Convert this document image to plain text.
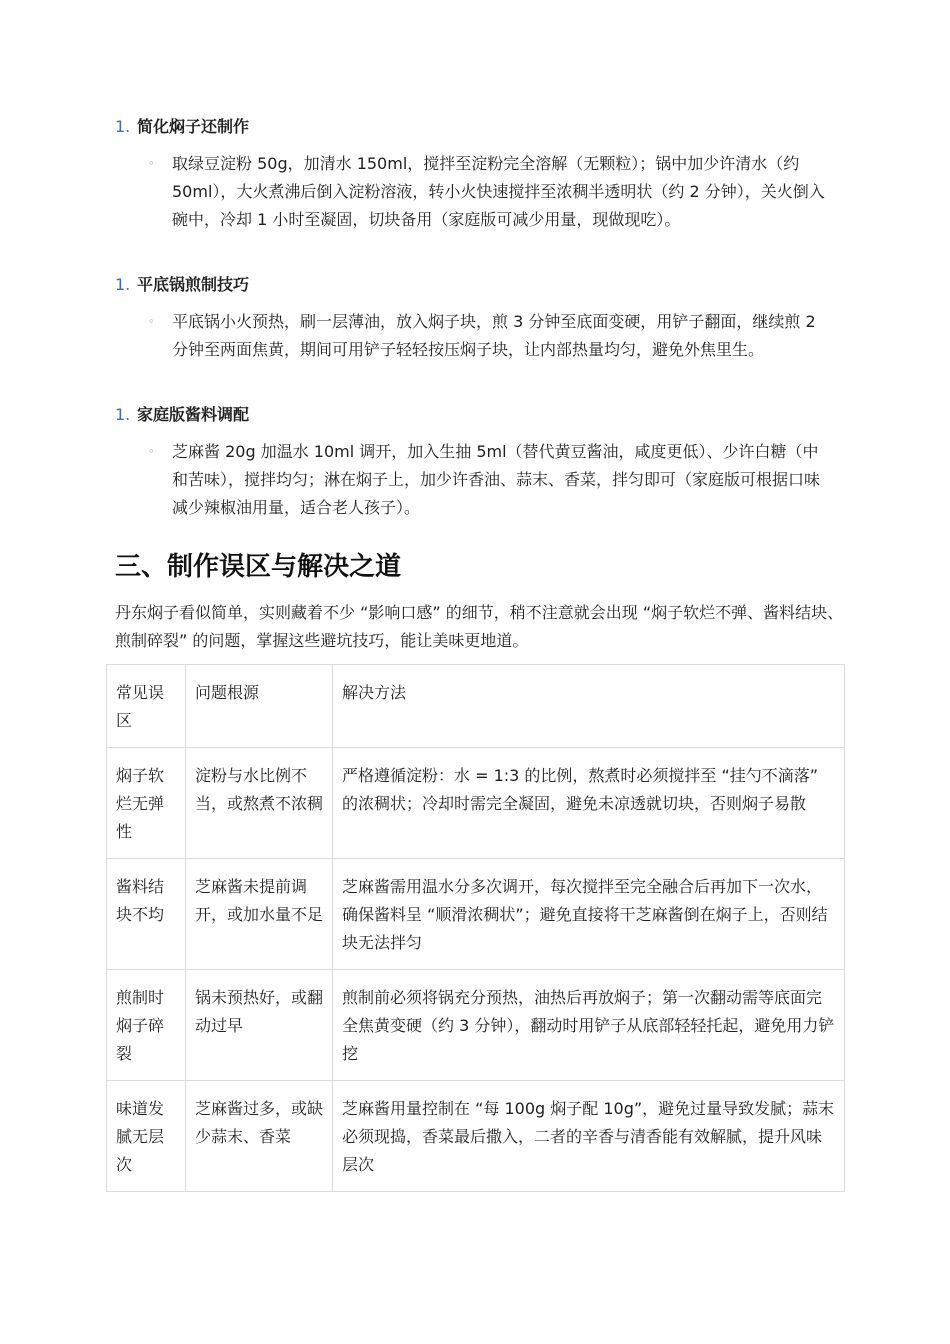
1. 简化焖子还制作
◦	取绿豆淀粉 50g，加清水 150ml，搅拌至淀粉完全溶解（无颗粒）；锅中加少许清水（约 50ml），大火煮沸后倒入淀粉溶液，转小火快速搅拌至浓稠半透明状（约 2 分钟），关火倒入碗中，冷却 1 小时至凝固，切块备用（家庭版可减少用量，现做现吃）。
1. 平底锅煎制技巧
◦	平底锅小火预热，刷一层薄油，放入焖子块，煎 3 分钟至底面变硬，用铲子翻面，继续煎 2 分钟至两面焦黄，期间可用铲子轻轻按压焖子块，让内部热量均匀，避免外焦里生。
1. 家庭版酱料调配
◦	芝麻酱 20g 加温水 10ml 调开，加入生抽 5ml（替代黄豆酱油，咸度更低）、少许白糖（中和苦味），搅拌均匀；淋在焖子上，加少许香油、蒜末、香菜，拌匀即可（家庭版可根据口味减少辣椒油用量，适合老人孩子）。
三、制作误区与解决之道
丹东焖子看似简单，实则藏着不少 “影响口感” 的细节，稍不注意就会出现 “焖子软烂不弹、酱料结块、煎制碎裂” 的问题，掌握这些避坑技巧，能让美味更地道。
常见误区	问题根源	解决方法
焖子软烂无弹性	淀粉与水比例不当，或熬煮不浓稠	严格遵循淀粉：水 = 1:3 的比例，熬煮时必须搅拌至 “挂勺不滴落” 的浓稠状；冷却时需完全凝固，避免未凉透就切块，否则焖子易散
酱料结块不均	芝麻酱未提前调开，或加水量不足	芝麻酱需用温水分多次调开，每次搅拌至完全融合后再加下一次水，确保酱料呈 “顺滑浓稠状”；避免直接将干芝麻酱倒在焖子上，否则结块无法拌匀
煎制时焖子碎裂	锅未预热好，或翻动过早	煎制前必须将锅充分预热，油热后再放焖子；第一次翻动需等底面完全焦黄变硬（约 3 分钟），翻动时用铲子从底部轻轻托起，避免用力铲挖
味道发腻无层次	芝麻酱过多，或缺少蒜末、香菜	芝麻酱用量控制在 “每 100g 焖子配 10g”，避免过量导致发腻；蒜末必须现捣，香菜最后撒入，二者的辛香与清香能有效解腻，提升风味层次
